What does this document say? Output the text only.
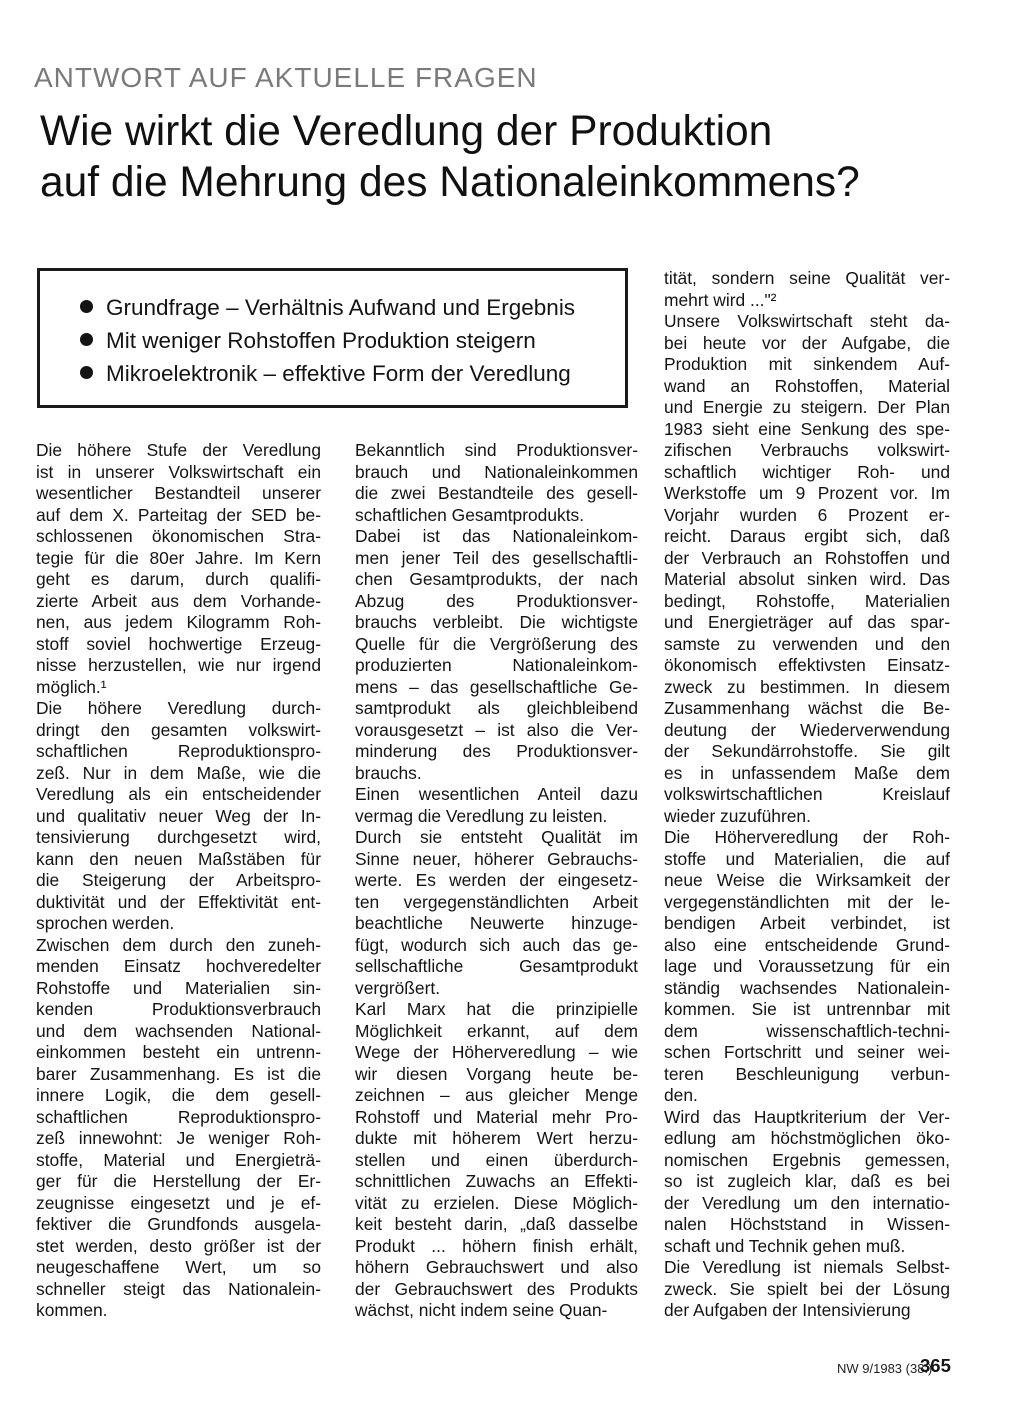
ANTWORT AUF AKTUELLE FRAGEN
Wie wirkt die Veredlung der Produktion
auf die Mehrung des Nationaleinkommens?
Grundfrage – Verhältnis Aufwand und Ergebnis
Mit weniger Rohstoffen Produktion steigern
Mikroelektronik – effektive Form der Veredlung
Die höhere Stufe der Veredlung
ist in unserer Volkswirtschaft ein
wesentlicher Bestandteil unserer
auf dem X. Parteitag der SED be-
schlossenen ökonomischen Stra-
tegie für die 80er Jahre. Im Kern
geht es darum, durch qualifi-
zierte Arbeit aus dem Vorhande-
nen, aus jedem Kilogramm Roh-
stoff soviel hochwertige Erzeug-
nisse herzustellen, wie nur irgend
möglich.¹
Die höhere Veredlung durch-
dringt den gesamten volkswirt-
schaftlichen Reproduktionspro-
zeß. Nur in dem Maße, wie die
Veredlung als ein entscheidender
und qualitativ neuer Weg der In-
tensivierung durchgesetzt wird,
kann den neuen Maßstäben für
die Steigerung der Arbeitspro-
duktivität und der Effektivität ent-
sprochen werden.
Zwischen dem durch den zuneh-
menden Einsatz hochveredelter
Rohstoffe und Materialien sin-
kenden Produktionsverbrauch
und dem wachsenden National-
einkommen besteht ein untrenn-
barer Zusammenhang. Es ist die
innere Logik, die dem gesell-
schaftlichen Reproduktionspro-
zeß innewohnt: Je weniger Roh-
stoffe, Material und Energieträ-
ger für die Herstellung der Er-
zeugnisse eingesetzt und je ef-
fektiver die Grundfonds ausgela-
stet werden, desto größer ist der
neugeschaffene Wert, um so
schneller steigt das Nationalein-
kommen.
Bekanntlich sind Produktionsver-
brauch und Nationaleinkommen
die zwei Bestandteile des gesell-
schaftlichen Gesamtprodukts.
Dabei ist das Nationaleinkom-
men jener Teil des gesellschaftli-
chen Gesamtprodukts, der nach
Abzug des Produktionsver-
brauchs verbleibt. Die wichtigste
Quelle für die Vergrößerung des
produzierten Nationaleinkom-
mens – das gesellschaftliche Ge-
samtprodukt als gleichbleibend
vorausgesetzt – ist also die Ver-
minderung des Produktionsver-
brauchs.
Einen wesentlichen Anteil dazu
vermag die Veredlung zu leisten.
Durch sie entsteht Qualität im
Sinne neuer, höherer Gebrauchs-
werte. Es werden der eingesetz-
ten vergegenständlichten Arbeit
beachtliche Neuwerte hinzuge-
fügt, wodurch sich auch das ge-
sellschaftliche Gesamtprodukt
vergrößert.
Karl Marx hat die prinzipielle
Möglichkeit erkannt, auf dem
Wege der Höherveredlung – wie
wir diesen Vorgang heute be-
zeichnen – aus gleicher Menge
Rohstoff und Material mehr Pro-
dukte mit höherem Wert herzu-
stellen und einen überdurch-
schnittlichen Zuwachs an Effekti-
vität zu erzielen. Diese Möglich-
keit besteht darin, „daß dasselbe
Produkt ... höhern finish erhält,
höhern Gebrauchswert und also
der Gebrauchswert des Produkts
wächst, nicht indem seine Quan-
tität, sondern seine Qualität ver-
mehrt wird ..."²
Unsere Volkswirtschaft steht da-
bei heute vor der Aufgabe, die
Produktion mit sinkendem Auf-
wand an Rohstoffen, Material
und Energie zu steigern. Der Plan
1983 sieht eine Senkung des spe-
zifischen Verbrauchs volkswirt-
schaftlich wichtiger Roh- und
Werkstoffe um 9 Prozent vor. Im
Vorjahr wurden 6 Prozent er-
reicht. Daraus ergibt sich, daß
der Verbrauch an Rohstoffen und
Material absolut sinken wird. Das
bedingt, Rohstoffe, Materialien
und Energieträger auf das spar-
samste zu verwenden und den
ökonomisch effektivsten Einsatz-
zweck zu bestimmen. In diesem
Zusammenhang wächst die Be-
deutung der Wiederverwendung
der Sekundärrohstoffe. Sie gilt
es in unfassendem Maße dem
volkswirtschaftlichen Kreislauf
wieder zuzuführen.
Die Höherveredlung der Roh-
stoffe und Materialien, die auf
neue Weise die Wirksamkeit der
vergegenständlichten mit der le-
bendigen Arbeit verbindet, ist
also eine entscheidende Grund-
lage und Voraussetzung für ein
ständig wachsendes Nationalein-
kommen. Sie ist untrennbar mit
dem wissenschaftlich-techni-
schen Fortschritt und seiner wei-
teren Beschleunigung verbun-
den.
Wird das Hauptkriterium der Ver-
edlung am höchstmöglichen öko-
nomischen Ergebnis gemessen,
so ist zugleich klar, daß es bei
der Veredlung um den internatio-
nalen Höchststand in Wissen-
schaft und Technik gehen muß.
Die Veredlung ist niemals Selbst-
zweck. Sie spielt bei der Lösung
der Aufgaben der Intensivierung
NW 9/1983 (38.)
365
